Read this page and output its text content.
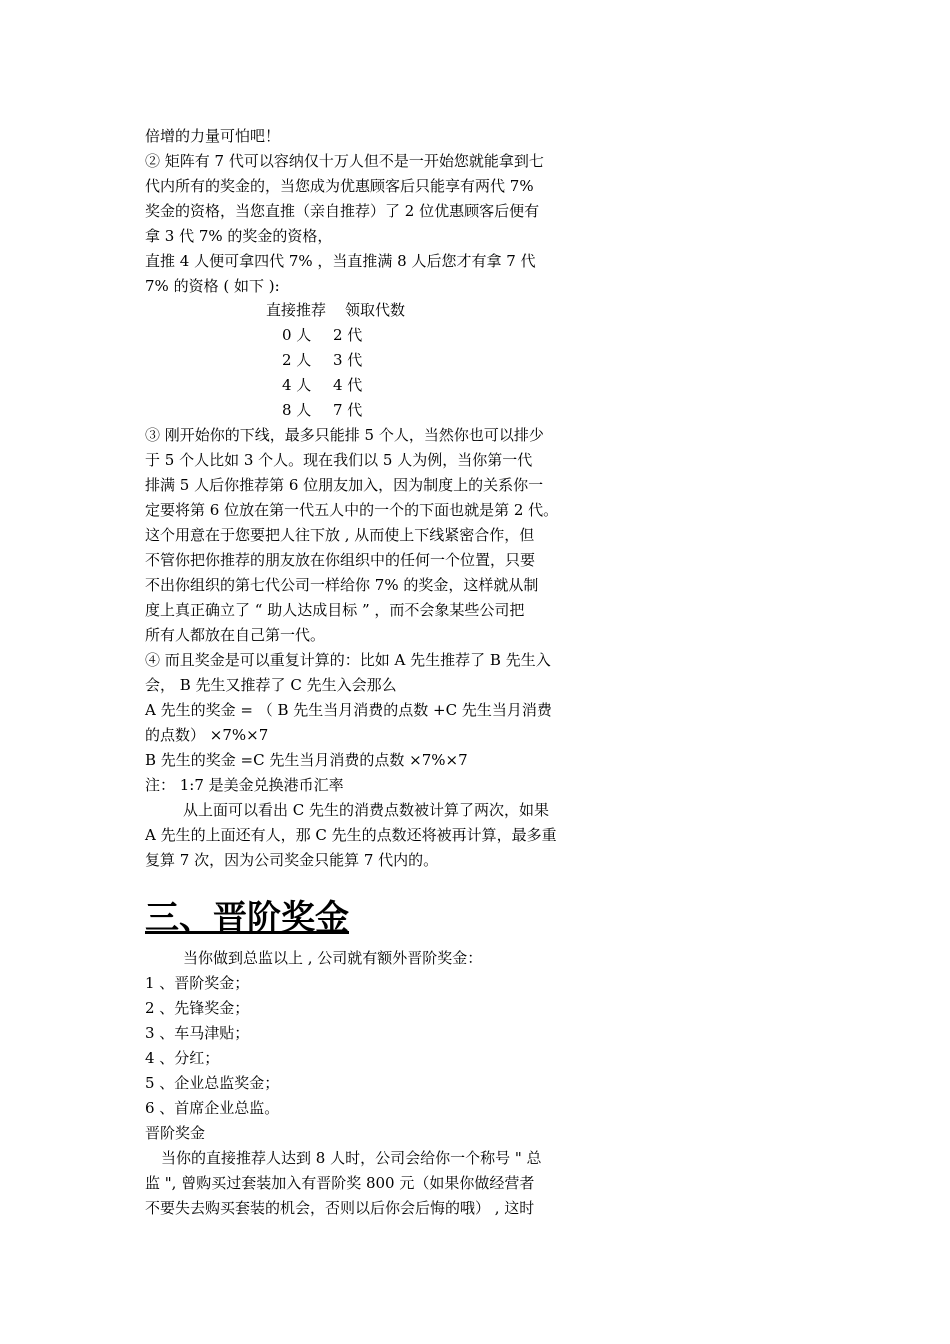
倍增的力量可怕吧！
② 矩阵有 7 代可以容纳仅十万人但不是一开始您就能拿到七
代内所有的奖金的，当您成为优惠顾客后只能享有两代 7%
奖金的资格，当您直推（亲自推荐）了 2 位优惠顾客后便有
拿 3 代 7% 的奖金的资格，
直推 4 人便可拿四代 7% ，当直推满 8 人后您才有拿 7 代
7% 的资格 ( 如下 ):
直接推荐 领取代数
0 人 2 代
2 人 3 代
4 人 4 代
8 人 7 代
③ 刚开始你的下线，最多只能排 5 个人，当然你也可以排少
于 5 个人比如 3 个人。现在我们以 5 人为例，当你第一代
排满 5 人后你推荐第 6 位朋友加入，因为制度上的关系你一
定要将第 6 位放在第一代五人中的一个的下面也就是第 2 代。
这个用意在于您要把人往下放 , 从而使上下线紧密合作，但
不管你把你推荐的朋友放在你组织中的任何一个位置，只要
不出你组织的第七代公司一样给你 7% 的奖金，这样就从制
度上真正确立了 “ 助人达成目标 ” ，而不会象某些公司把
所有人都放在自己第一代。
④ 而且奖金是可以重复计算的：比如 A 先生推荐了 B 先生入
会， B 先生又推荐了 C 先生入会那么
A 先生的奖金 = （ B 先生当月消费的点数 +C 先生当月消费
的点数） ×7%×7
B 先生的奖金 =C 先生当月消费的点数 ×7%×7
注： 1:7 是美金兑换港币汇率
从上面可以看出 C 先生的消费点数被计算了两次，如果
A 先生的上面还有人，那 C 先生的点数还将被再计算，最多重
复算 7 次，因为公司奖金只能算 7 代内的。
三、晋阶奖金
当你做到总监以上 , 公司就有额外晋阶奖金：
1 、晋阶奖金；
2 、先锋奖金；
3 、车马津贴；
4 、分红；
5 、企业总监奖金；
6 、首席企业总监。
晋阶奖金
当你的直接推荐人达到 8 人时，公司会给你一个称号 " 总
监 ", 曾购买过套装加入有晋阶奖 800 元（如果你做经营者
不要失去购买套装的机会，否则以后你会后悔的哦） , 这时
